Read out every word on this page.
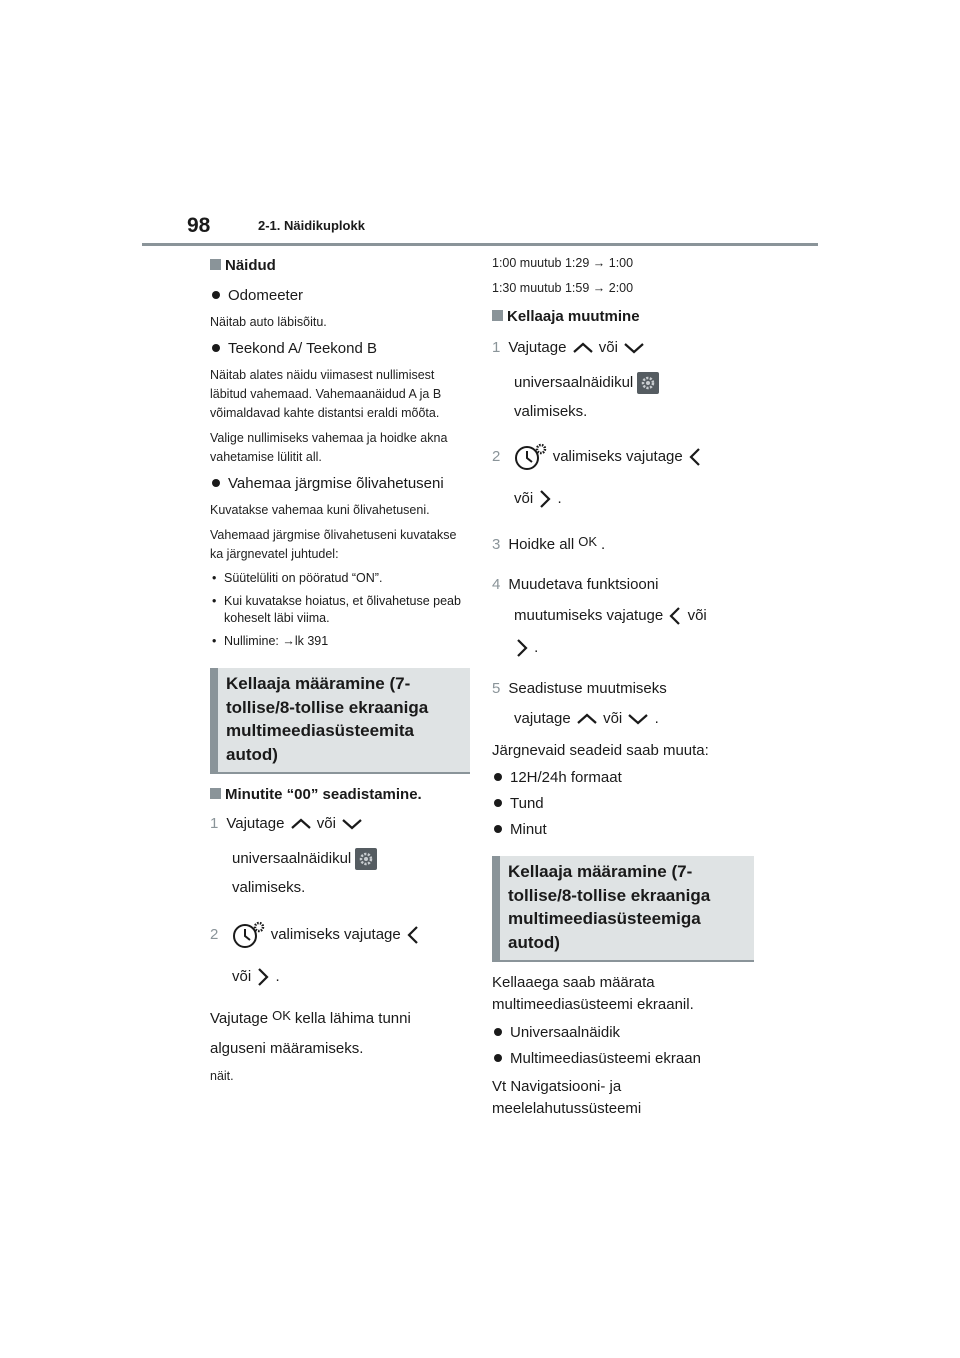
98	2-1. Näidikuplokk
Näidud
Odomeeter

Näitab auto läbisõitu.

Teekond A/ Teekond B

Näitab alates näidu viimasest nullimisest läbitud vahemaad. Vahemaanäidud A ja B võimaldavad kahte distantsi eraldi mõõta.

Valige nullimiseks vahemaa ja hoidke akna vahetamise lülitit all.

Vahemaa järgmise õlivahetuseni

Kuvatakse vahemaa kuni õlivahetuseni.

Vahemaad järgmise õlivahetuseni kuvatakse ka järgnevatel juhtudel:

• Süütelüliti on pööratud “ON”.
• Kui kuvatakse hoiatus, et õlivahetuse peab koheselt läbi viima.
• Nullimine: →lk 391
Kellaaja määramine (7-tollise/8-tollise ekraaniga multimeediasüsteemita autod)
Minutite “00” seadistamine.

1 Vajutage või

universaalnäidikul

valimiseks.

2	valimiseks vajutage

või .

Vajutage OK kella lähima tunni

alguseni määramiseks.

näit.

1:00 muutub 1:29 → 1:00

1:30 muutub 1:59 → 2:00

Kellaaja muutmine

1 Vajutage või

universaalnäidikul

valimiseks.

2	valimiseks vajutage

või .

3 Hoidke all OK .

4 Muudetava funktsiooni

muutumiseks vajatuge või

.

5 Seadistuse muutmiseks

vajutage või .

Järgnevaid seadeid saab muuta:

12H/24h formaat
Tund
Minut
Kellaaja määramine (7-tollise/8-tollise ekraaniga multimeediasüsteemiga autod)

Kellaaega saab määrata multimeediasüsteemi ekraanil.

Universaalnäidik
Multimeediasüsteemi ekraan

Vt Navigatsiooni- ja meelelahutussüsteemi
